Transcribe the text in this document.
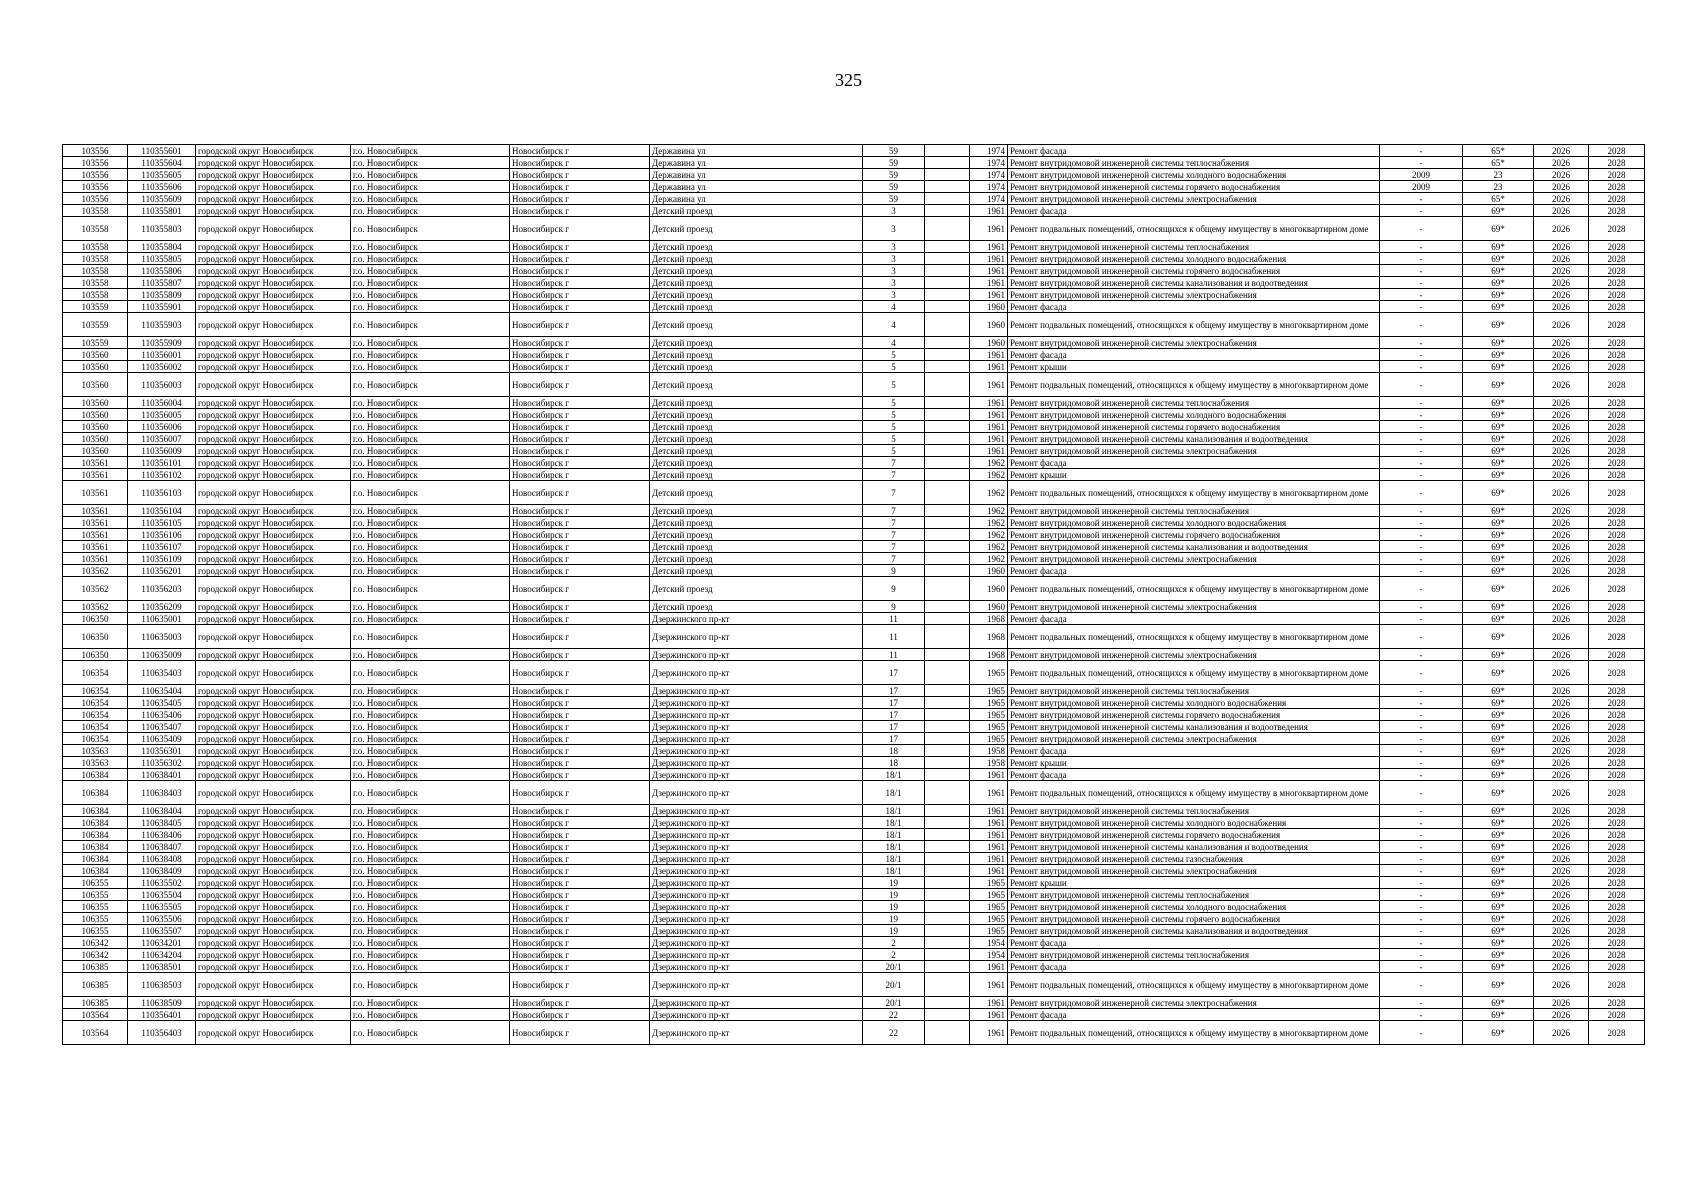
325
103556	110355601	городской округ Новосибирск	г.о. Новосибирск	Новосибирск г	Державина ул	59		1974	Ремонт фасада	-	65*	2026	2028
103556	110355604	городской округ Новосибирск	г.о. Новосибирск	Новосибирск г	Державина ул	59		1974	Ремонт внутридомовой инженерной системы теплоснабжения	-	65*	2026	2028
103556	110355605	городской округ Новосибирск	г.о. Новосибирск	Новосибирск г	Державина ул	59		1974	Ремонт внутридомовой инженерной системы холодного водоснабжения	2009	23	2026	2028
103556	110355606	городской округ Новосибирск	г.о. Новосибирск	Новосибирск г	Державина ул	59		1974	Ремонт внутридомовой инженерной системы горячего водоснабжения	2009	23	2026	2028
103556	110355609	городской округ Новосибирск	г.о. Новосибирск	Новосибирск г	Державина ул	59		1974	Ремонт внутридомовой инженерной системы электроснабжения	-	65*	2026	2028
103558	110355801	городской округ Новосибирск	г.о. Новосибирск	Новосибирск г	Детский проезд	3		1961	Ремонт фасада	-	69*	2026	2028
103558	110355803	городской округ Новосибирск	г.о. Новосибирск	Новосибирск г	Детский проезд	3		1961	Ремонт подвальных помещений, относящихся к общему имуществу в многоквартирном доме	-	69*	2026	2028
103558	110355804	городской округ Новосибирск	г.о. Новосибирск	Новосибирск г	Детский проезд	3		1961	Ремонт внутридомовой инженерной системы теплоснабжения	-	69*	2026	2028
103558	110355805	городской округ Новосибирск	г.о. Новосибирск	Новосибирск г	Детский проезд	3		1961	Ремонт внутридомовой инженерной системы холодного водоснабжения	-	69*	2026	2028
103558	110355806	городской округ Новосибирск	г.о. Новосибирск	Новосибирск г	Детский проезд	3		1961	Ремонт внутридомовой инженерной системы горячего водоснабжения	-	69*	2026	2028
103558	110355807	городской округ Новосибирск	г.о. Новосибирск	Новосибирск г	Детский проезд	3		1961	Ремонт внутридомовой инженерной системы канализования и водоотведения	-	69*	2026	2028
103558	110355809	городской округ Новосибирск	г.о. Новосибирск	Новосибирск г	Детский проезд	3		1961	Ремонт внутридомовой инженерной системы электроснабжения	-	69*	2026	2028
103559	110355901	городской округ Новосибирск	г.о. Новосибирск	Новосибирск г	Детский проезд	4		1960	Ремонт фасада	-	69*	2026	2028
103559	110355903	городской округ Новосибирск	г.о. Новосибирск	Новосибирск г	Детский проезд	4		1960	Ремонт подвальных помещений, относящихся к общему имуществу в многоквартирном доме	-	69*	2026	2028
103559	110355909	городской округ Новосибирск	г.о. Новосибирск	Новосибирск г	Детский проезд	4		1960	Ремонт внутридомовой инженерной системы электроснабжения	-	69*	2026	2028
103560	110356001	городской округ Новосибирск	г.о. Новосибирск	Новосибирск г	Детский проезд	5		1961	Ремонт фасада	-	69*	2026	2028
103560	110356002	городской округ Новосибирск	г.о. Новосибирск	Новосибирск г	Детский проезд	5		1961	Ремонт крыши	-	69*	2026	2028
103560	110356003	городской округ Новосибирск	г.о. Новосибирск	Новосибирск г	Детский проезд	5		1961	Ремонт подвальных помещений, относящихся к общему имуществу в многоквартирном доме	-	69*	2026	2028
103560	110356004	городской округ Новосибирск	г.о. Новосибирск	Новосибирск г	Детский проезд	5		1961	Ремонт внутридомовой инженерной системы теплоснабжения	-	69*	2026	2028
103560	110356005	городской округ Новосибирск	г.о. Новосибирск	Новосибирск г	Детский проезд	5		1961	Ремонт внутридомовой инженерной системы холодного водоснабжения	-	69*	2026	2028
103560	110356006	городской округ Новосибирск	г.о. Новосибирск	Новосибирск г	Детский проезд	5		1961	Ремонт внутридомовой инженерной системы горячего водоснабжения	-	69*	2026	2028
103560	110356007	городской округ Новосибирск	г.о. Новосибирск	Новосибирск г	Детский проезд	5		1961	Ремонт внутридомовой инженерной системы канализования и водоотведения	-	69*	2026	2028
103560	110356009	городской округ Новосибирск	г.о. Новосибирск	Новосибирск г	Детский проезд	5		1961	Ремонт внутридомовой инженерной системы электроснабжения	-	69*	2026	2028
103561	110356101	городской округ Новосибирск	г.о. Новосибирск	Новосибирск г	Детский проезд	7		1962	Ремонт фасада	-	69*	2026	2028
103561	110356102	городской округ Новосибирск	г.о. Новосибирск	Новосибирск г	Детский проезд	7		1962	Ремонт крыши	-	69*	2026	2028
103561	110356103	городской округ Новосибирск	г.о. Новосибирск	Новосибирск г	Детский проезд	7		1962	Ремонт подвальных помещений, относящихся к общему имуществу в многоквартирном доме	-	69*	2026	2028
103561	110356104	городской округ Новосибирск	г.о. Новосибирск	Новосибирск г	Детский проезд	7		1962	Ремонт внутридомовой инженерной системы теплоснабжения	-	69*	2026	2028
103561	110356105	городской округ Новосибирск	г.о. Новосибирск	Новосибирск г	Детский проезд	7		1962	Ремонт внутридомовой инженерной системы холодного водоснабжения	-	69*	2026	2028
103561	110356106	городской округ Новосибирск	г.о. Новосибирск	Новосибирск г	Детский проезд	7		1962	Ремонт внутридомовой инженерной системы горячего водоснабжения	-	69*	2026	2028
103561	110356107	городской округ Новосибирск	г.о. Новосибирск	Новосибирск г	Детский проезд	7		1962	Ремонт внутридомовой инженерной системы канализования и водоотведения	-	69*	2026	2028
103561	110356109	городской округ Новосибирск	г.о. Новосибирск	Новосибирск г	Детский проезд	7		1962	Ремонт внутридомовой инженерной системы электроснабжения	-	69*	2026	2028
103562	110356201	городской округ Новосибирск	г.о. Новосибирск	Новосибирск г	Детский проезд	9		1960	Ремонт фасада	-	69*	2026	2028
103562	110356203	городской округ Новосибирск	г.о. Новосибирск	Новосибирск г	Детский проезд	9		1960	Ремонт подвальных помещений, относящихся к общему имуществу в многоквартирном доме	-	69*	2026	2028
103562	110356209	городской округ Новосибирск	г.о. Новосибирск	Новосибирск г	Детский проезд	9		1960	Ремонт внутридомовой инженерной системы электроснабжения	-	69*	2026	2028
106350	110635001	городской округ Новосибирск	г.о. Новосибирск	Новосибирск г	Дзержинского пр-кт	11		1968	Ремонт фасада	-	69*	2026	2028
106350	110635003	городской округ Новосибирск	г.о. Новосибирск	Новосибирск г	Дзержинского пр-кт	11		1968	Ремонт подвальных помещений, относящихся к общему имуществу в многоквартирном доме	-	69*	2026	2028
106350	110635009	городской округ Новосибирск	г.о. Новосибирск	Новосибирск г	Дзержинского пр-кт	11		1968	Ремонт внутридомовой инженерной системы электроснабжения	-	69*	2026	2028
106354	110635403	городской округ Новосибирск	г.о. Новосибирск	Новосибирск г	Дзержинского пр-кт	17		1965	Ремонт подвальных помещений, относящихся к общему имуществу в многоквартирном доме	-	69*	2026	2028
106354	110635404	городской округ Новосибирск	г.о. Новосибирск	Новосибирск г	Дзержинского пр-кт	17		1965	Ремонт внутридомовой инженерной системы теплоснабжения	-	69*	2026	2028
106354	110635405	городской округ Новосибирск	г.о. Новосибирск	Новосибирск г	Дзержинского пр-кт	17		1965	Ремонт внутридомовой инженерной системы холодного водоснабжения	-	69*	2026	2028
106354	110635406	городской округ Новосибирск	г.о. Новосибирск	Новосибирск г	Дзержинского пр-кт	17		1965	Ремонт внутридомовой инженерной системы горячего водоснабжения	-	69*	2026	2028
106354	110635407	городской округ Новосибирск	г.о. Новосибирск	Новосибирск г	Дзержинского пр-кт	17		1965	Ремонт внутридомовой инженерной системы канализования и водоотведения	-	69*	2026	2028
106354	110635409	городской округ Новосибирск	г.о. Новосибирск	Новосибирск г	Дзержинского пр-кт	17		1965	Ремонт внутридомовой инженерной системы электроснабжения	-	69*	2026	2028
103563	110356301	городской округ Новосибирск	г.о. Новосибирск	Новосибирск г	Дзержинского пр-кт	18		1958	Ремонт фасада	-	69*	2026	2028
103563	110356302	городской округ Новосибирск	г.о. Новосибирск	Новосибирск г	Дзержинского пр-кт	18		1958	Ремонт крыши	-	69*	2026	2028
106384	110638401	городской округ Новосибирск	г.о. Новосибирск	Новосибирск г	Дзержинского пр-кт	18/1		1961	Ремонт фасада	-	69*	2026	2028
106384	110638403	городской округ Новосибирск	г.о. Новосибирск	Новосибирск г	Дзержинского пр-кт	18/1		1961	Ремонт подвальных помещений, относящихся к общему имуществу в многоквартирном доме	-	69*	2026	2028
106384	110638404	городской округ Новосибирск	г.о. Новосибирск	Новосибирск г	Дзержинского пр-кт	18/1		1961	Ремонт внутридомовой инженерной системы теплоснабжения	-	69*	2026	2028
106384	110638405	городской округ Новосибирск	г.о. Новосибирск	Новосибирск г	Дзержинского пр-кт	18/1		1961	Ремонт внутридомовой инженерной системы холодного водоснабжения	-	69*	2026	2028
106384	110638406	городской округ Новосибирск	г.о. Новосибирск	Новосибирск г	Дзержинского пр-кт	18/1		1961	Ремонт внутридомовой инженерной системы горячего водоснабжения	-	69*	2026	2028
106384	110638407	городской округ Новосибирск	г.о. Новосибирск	Новосибирск г	Дзержинского пр-кт	18/1		1961	Ремонт внутридомовой инженерной системы канализования и водоотведения	-	69*	2026	2028
106384	110638408	городской округ Новосибирск	г.о. Новосибирск	Новосибирск г	Дзержинского пр-кт	18/1		1961	Ремонт внутридомовой инженерной системы газоснабжения	-	69*	2026	2028
106384	110638409	городской округ Новосибирск	г.о. Новосибирск	Новосибирск г	Дзержинского пр-кт	18/1		1961	Ремонт внутридомовой инженерной системы электроснабжения	-	69*	2026	2028
106355	110635502	городской округ Новосибирск	г.о. Новосибирск	Новосибирск г	Дзержинского пр-кт	19		1965	Ремонт крыши	-	69*	2026	2028
106355	110635504	городской округ Новосибирск	г.о. Новосибирск	Новосибирск г	Дзержинского пр-кт	19		1965	Ремонт внутридомовой инженерной системы теплоснабжения	-	69*	2026	2028
106355	110635505	городской округ Новосибирск	г.о. Новосибирск	Новосибирск г	Дзержинского пр-кт	19		1965	Ремонт внутридомовой инженерной системы холодного водоснабжения	-	69*	2026	2028
106355	110635506	городской округ Новосибирск	г.о. Новосибирск	Новосибирск г	Дзержинского пр-кт	19		1965	Ремонт внутридомовой инженерной системы горячего водоснабжения	-	69*	2026	2028
106355	110635507	городской округ Новосибирск	г.о. Новосибирск	Новосибирск г	Дзержинского пр-кт	19		1965	Ремонт внутридомовой инженерной системы канализования и водоотведения	-	69*	2026	2028
106342	110634201	городской округ Новосибирск	г.о. Новосибирск	Новосибирск г	Дзержинского пр-кт	2		1954	Ремонт фасада	-	69*	2026	2028
106342	110634204	городской округ Новосибирск	г.о. Новосибирск	Новосибирск г	Дзержинского пр-кт	2		1954	Ремонт внутридомовой инженерной системы теплоснабжения	-	69*	2026	2028
106385	110638501	городской округ Новосибирск	г.о. Новосибирск	Новосибирск г	Дзержинского пр-кт	20/1		1961	Ремонт фасада	-	69*	2026	2028
106385	110638503	городской округ Новосибирск	г.о. Новосибирск	Новосибирск г	Дзержинского пр-кт	20/1		1961	Ремонт подвальных помещений, относящихся к общему имуществу в многоквартирном доме	-	69*	2026	2028
106385	110638509	городской округ Новосибирск	г.о. Новосибирск	Новосибирск г	Дзержинского пр-кт	20/1		1961	Ремонт внутридомовой инженерной системы электроснабжения	-	69*	2026	2028
103564	110356401	городской округ Новосибирск	г.о. Новосибирск	Новосибирск г	Дзержинского пр-кт	22		1961	Ремонт фасада	-	69*	2026	2028
103564	110356403	городской округ Новосибирск	г.о. Новосибирск	Новосибирск г	Дзержинского пр-кт	22		1961	Ремонт подвальных помещений, относящихся к общему имуществу в многоквартирном доме	-	69*	2026	2028
